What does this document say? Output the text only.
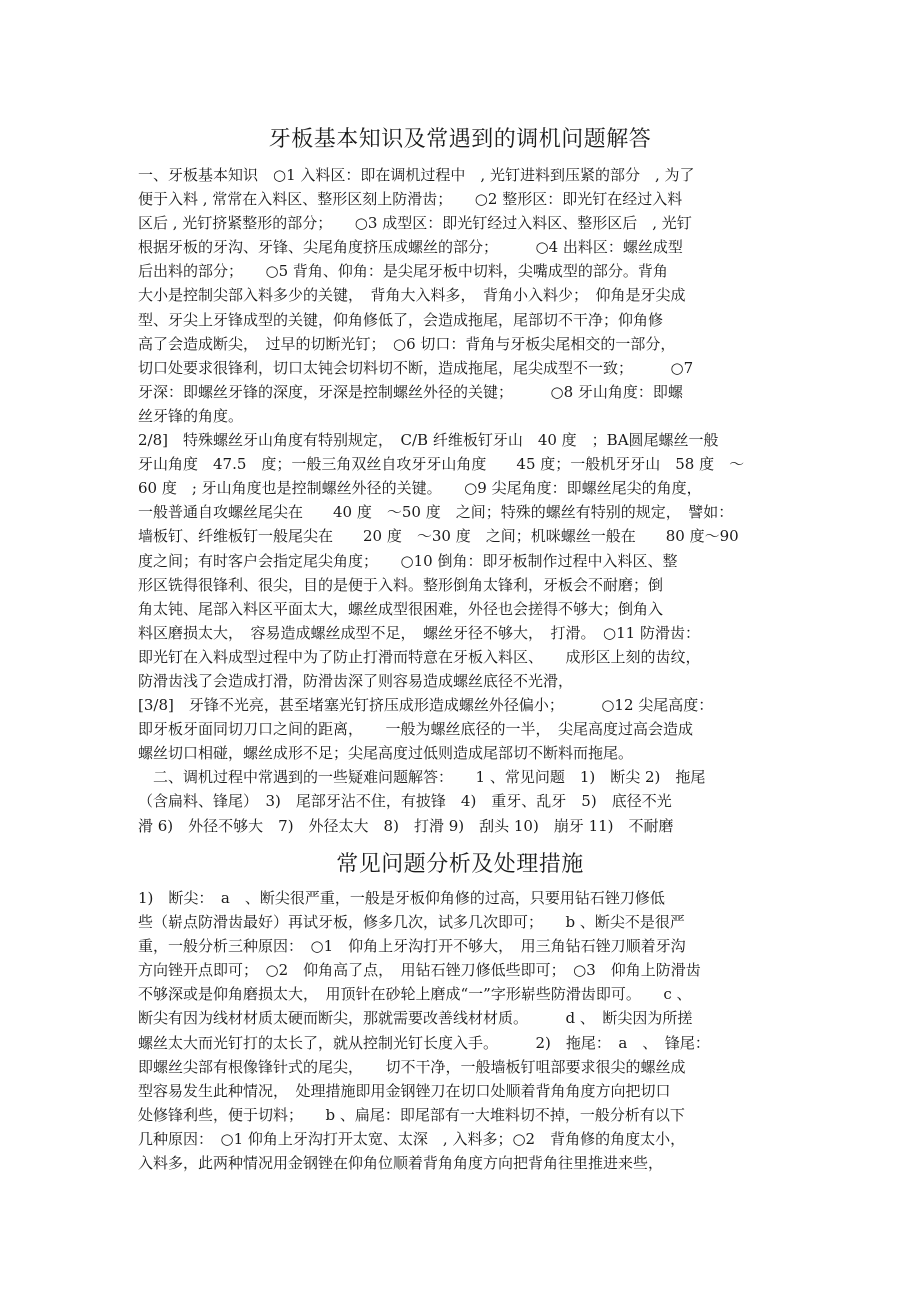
牙板基本知识及常遇到的调机问题解答
一、牙板基本知识　○1 入料区：即在调机过程中　, 光钉进料到压紧的部分　, 为了
便于入料 , 常常在入料区、整形区刻上防滑齿；　　○2 整形区：即光钉在经过入料
区后 , 光钉挤紧整形的部分；　　○3 成型区：即光钉经过入料区、整形区后　, 光钉
根据牙板的牙沟、牙锋、尖尾角度挤压成螺丝的部分；　　　○4 出料区：螺丝成型
后出料的部分；　　○5 背角、仰角：是尖尾牙板中切料，尖嘴成型的部分。背角
大小是控制尖部入料多少的关键，　背角大入料多，　背角小入料少；　仰角是牙尖成
型、牙尖上牙锋成型的关键，仰角修低了，会造成拖尾，尾部切不干净；仰角修
高了会造成断尖，　过早的切断光钉；　○6 切口：背角与牙板尖尾相交的一部分，
切口处要求很锋利，切口太钝会切料切不断，造成拖尾，尾尖成型不一致；　　　○7
牙深：即螺丝牙锋的深度，牙深是控制螺丝外径的关键；　　　○8 牙山角度：即螺
丝牙锋的角度。
2/8]　特殊螺丝牙山角度有特别规定，　C/B 纤维板钉牙山　40 度　；BA圆尾螺丝一般
牙山角度　47.5　度；一般三角双丝自攻牙牙山角度　　45 度；一般机牙牙山　58 度　～
60 度　; 牙山角度也是控制螺丝外径的关键。　　○9 尖尾角度：即螺丝尾尖的角度，
一般普通自攻螺丝尾尖在　　40 度　～50 度　之间；特殊的螺丝有特别的规定，　譬如：
墙板钉、纤维板钉一般尾尖在　　20 度　～30 度　之间；机咪螺丝一般在　　80 度～90
度之间；有时客户会指定尾尖角度；　　○10 倒角：即牙板制作过程中入料区、整
形区铣得很锋利、很尖，目的是便于入料。整形倒角太锋利，牙板会不耐磨；倒
角太钝、尾部入料区平面太大，螺丝成型很困难，外径也会搓得不够大；倒角入
料区磨损太大，　容易造成螺丝成型不足，　螺丝牙径不够大，　打滑。　○11 防滑齿：
即光钉在入料成型过程中为了防止打滑而特意在牙板入料区、　　成形区上刻的齿纹，
防滑齿浅了会造成打滑，防滑齿深了则容易造成螺丝底径不光滑，
[3/8]　牙锋不光亮，甚至堵塞光钉挤压成形造成螺丝外径偏小；　　　○12 尖尾高度：
即牙板牙面同切刀口之间的距离，　　一般为螺丝底径的一半，　尖尾高度过高会造成
螺丝切口相碰，螺丝成形不足；尖尾高度过低则造成尾部切不断料而拖尾。
　二、调机过程中常遇到的一些疑难问题解答：　　1 、常见问题　1)　断尖 2)　拖尾
（含扁料、锋尾）　3)　尾部牙沾不住，有披锋　4)　重牙、乱牙　5)　底径不光
滑 6)　外径不够大　7)　外径太大　8)　打滑 9)　刮头 10)　崩牙 11)　不耐磨
常见问题分析及处理措施
1)　断尖：　a　、断尖很严重，一般是牙板仰角修的过高，只要用钻石锉刀修低
些（崭点防滑齿最好）再试牙板，修多几次，试多几次即可；　　b 、断尖不是很严
重，一般分析三种原因：　○1　仰角上牙沟打开不够大，　用三角钻石锉刀顺着牙沟
方向锉开点即可；　○2　仰角高了点，　用钻石锉刀修低些即可；　○3　仰角上防滑齿
不够深或是仰角磨损太大，　用顶针在砂轮上磨成“一”字形崭些防滑齿即可。　　c 、
断尖有因为线材材质太硬而断尖，那就需要改善线材材质。　　　d 、　断尖因为所搓
螺丝太大而光钉打的太长了，就从控制光钉长度入手。　　　2)　拖尾：　a　、　锋尾：
即螺丝尖部有根像锋针式的尾尖，　　切不干净，一般墙板钉咀部要求很尖的螺丝成
型容易发生此种情况，　处理措施即用金钢锉刀在切口处顺着背角角度方向把切口
处修锋利些，便于切料；　　b 、扁尾：即尾部有一大堆料切不掉，一般分析有以下
几种原因：　○1 仰角上牙沟打开太宽、太深　, 入料多；○2　背角修的角度太小，
入料多，此两种情况用金钢锉在仰角位顺着背角角度方向把背角往里推进来些，
